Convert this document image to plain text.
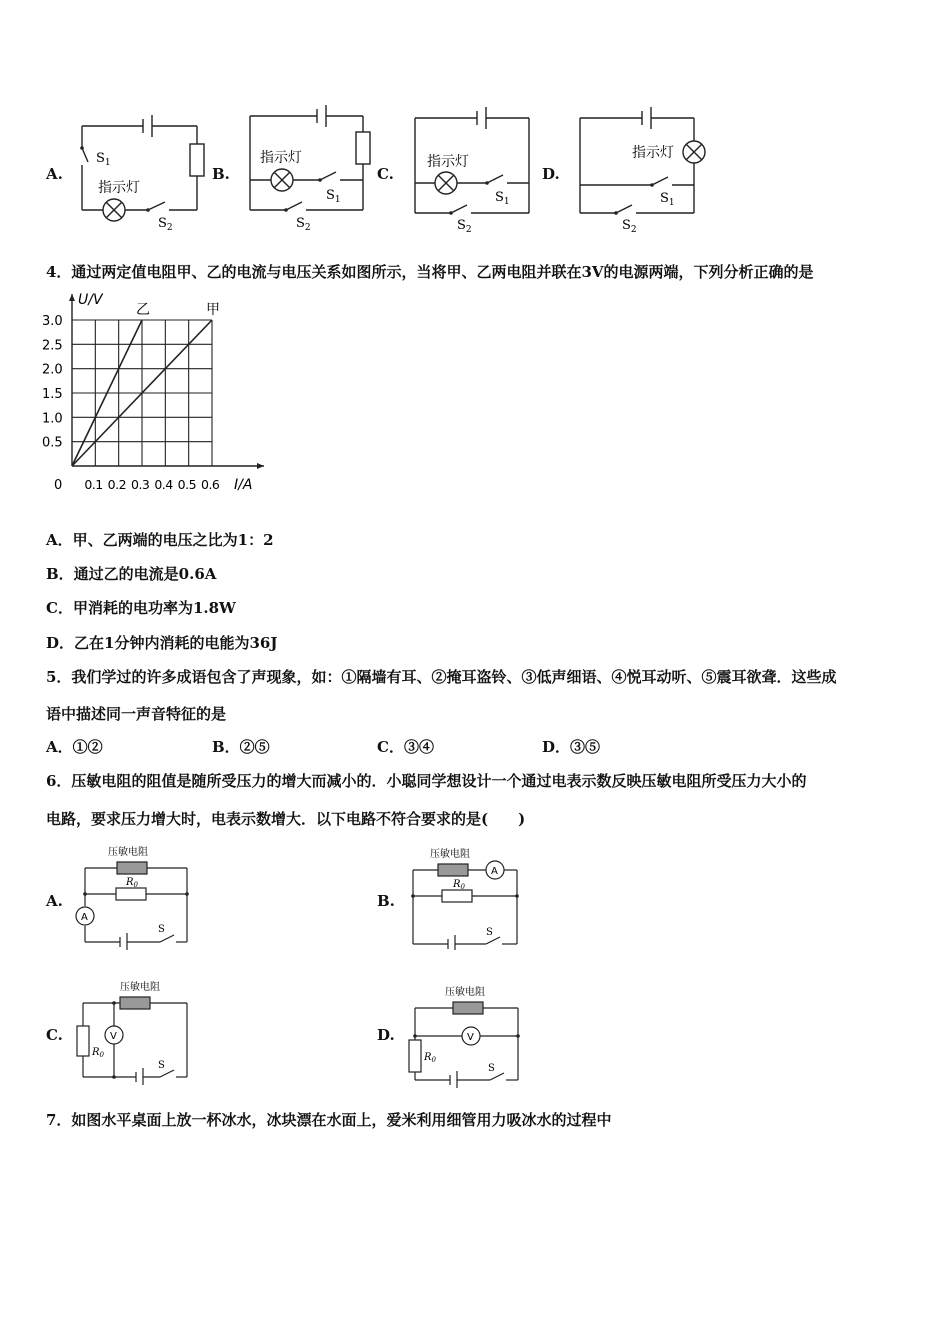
A.
$S_1$
指示灯
$S_2$
B.
指示灯
$S_1$
$S_2$
C.
指示灯
$S_1$
$S_2$
D.
指示灯
$S_1$
$S_2$
4．通过两定值电阻甲、乙的电流与电压关系如图所示，当将甲、乙两电阻并联在3V的电源两端，下列分析正确的是
乙	甲
0.5
1.0
1.5
2.0
2.5
3.0
0 0.1 0.2 0.3 0.4 0.5 0.6 I/A
U/V
A．甲、乙两端的电压之比为1：2
B．通过乙的电流是0.6A
C．甲消耗的电功率为1.8W
D．乙在1分钟内消耗的电能为36J
5．我们学过的许多成语包含了声现象，如：①隔墙有耳、②掩耳盗铃、③低声细语、④悦耳动听、⑤震耳欲聋．这些成
语中描述同一声音特征的是
A．①②	B．②⑤	C．③④	D．③⑤
6．压敏电阻的阻值是随所受压力的增大而减小的．小聪同学想设计一个通过电表示数反映压敏电阻所受压力大小的
电路，要求压力增大时，电表示数增大．以下电路不符合要求的是(　　)
A.
压敏电阻
$R_0$
A
S
B.
压敏电阻
$R_0$
A
S
C.
压敏电阻
$R_0$
V
S
D.
压敏电阻
$R_0$
V
S
7．如图水平桌面上放一杯冰水，冰块漂在水面上，爱米利用细管用力吸冰水的过程中
